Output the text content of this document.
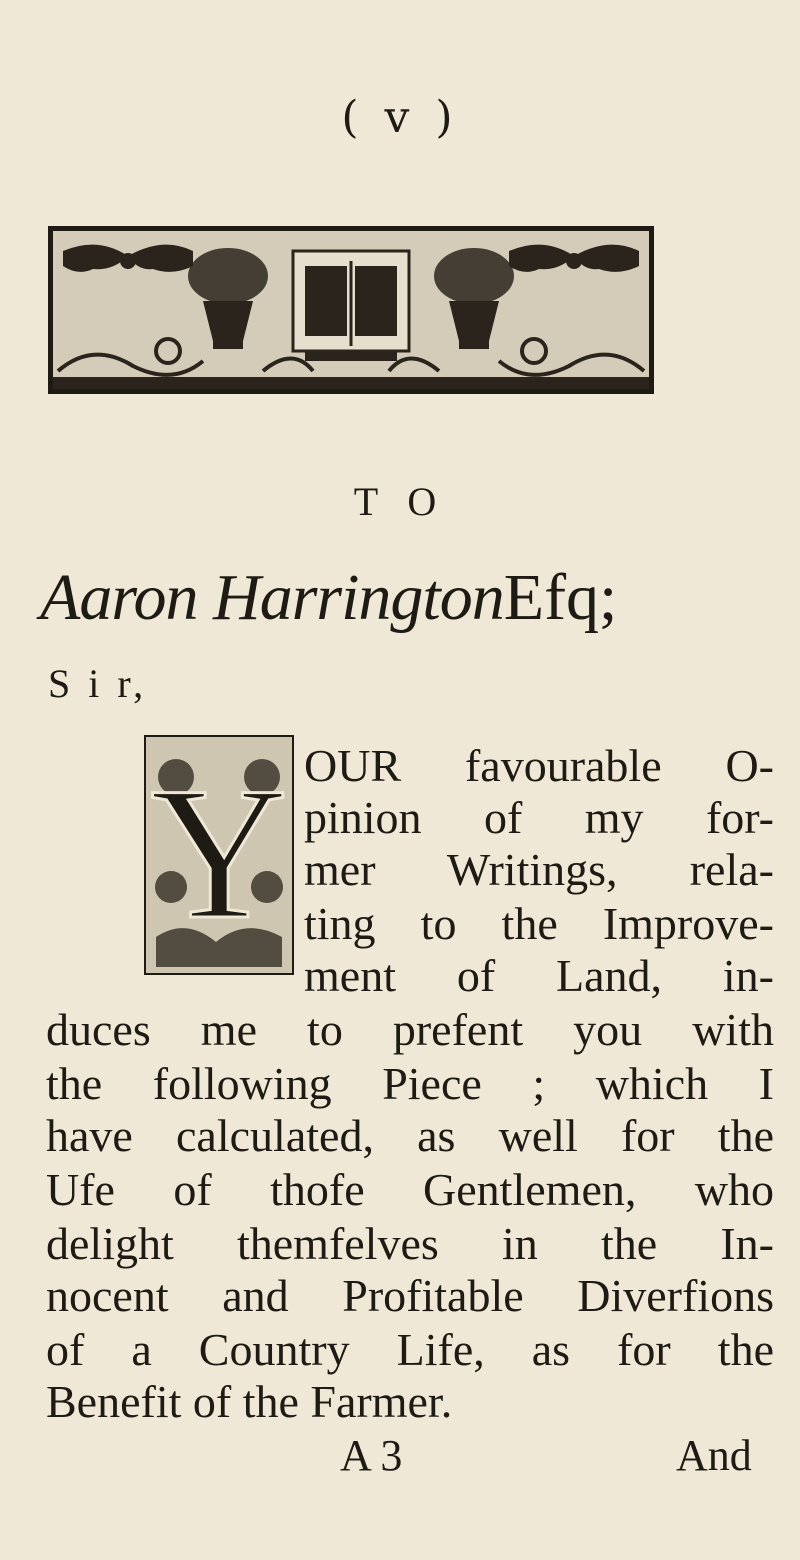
( v )
T O
Aaron HarringtonEfq;
S i r,
Y OUR favourable O-
pinion of my for-
mer Writings, rela-
ting to the Improve-
ment of Land, in-
duces me to prefent you with
the following Piece ; which I
have calculated, as well for the
Ufe of thofe Gentlemen, who
delight themfelves in the In-
nocent and Profitable Diverfions
of a Country Life, as for the
Benefit of the Farmer.
A 3	And
